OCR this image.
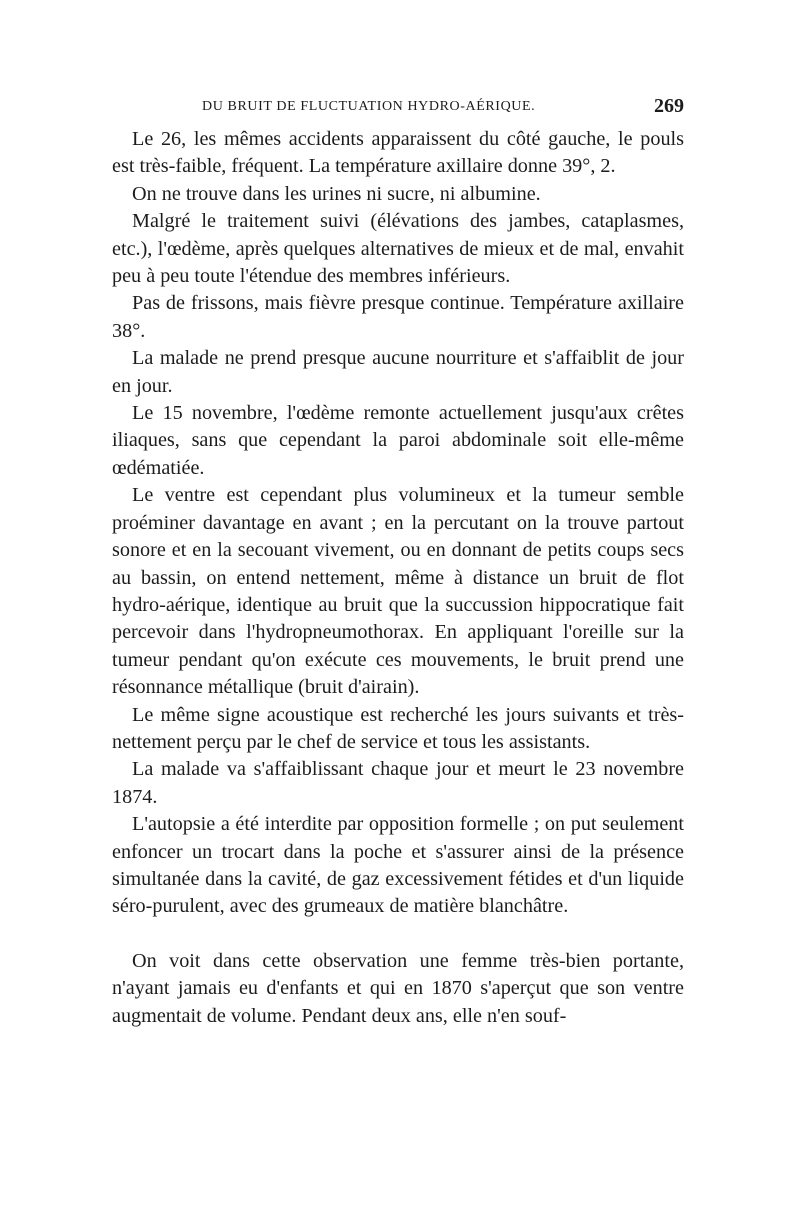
DU BRUIT DE FLUCTUATION HYDRO-AÉRIQUE.	269

Le 26, les mêmes accidents apparaissent du côté gauche, le pouls est très-faible, fréquent. La température axillaire donne 39°, 2.

On ne trouve dans les urines ni sucre, ni albumine.

Malgré le traitement suivi (élévations des jambes, cataplasmes, etc.), l'œdème, après quelques alternatives de mieux et de mal, envahit peu à peu toute l'étendue des membres inférieurs.

Pas de frissons, mais fièvre presque continue. Température axillaire 38°.

La malade ne prend presque aucune nourriture et s'affaiblit de jour en jour.

Le 15 novembre, l'œdème remonte actuellement jusqu'aux crêtes iliaques, sans que cependant la paroi abdominale soit elle-même œdématiée.

Le ventre est cependant plus volumineux et la tumeur semble proéminer davantage en avant ; en la percutant on la trouve partout sonore et en la secouant vivement, ou en donnant de petits coups secs au bassin, on entend nettement, même à distance un bruit de flot hydro-aérique, identique au bruit que la succussion hippocratique fait percevoir dans l'hydropneumothorax. En appliquant l'oreille sur la tumeur pendant qu'on exécute ces mouvements, le bruit prend une résonnance métallique (bruit d'airain).

Le même signe acoustique est recherché les jours suivants et très-nettement perçu par le chef de service et tous les assistants.

La malade va s'affaiblissant chaque jour et meurt le 23 novembre 1874.

L'autopsie a été interdite par opposition formelle ; on put seulement enfoncer un trocart dans la poche et s'assurer ainsi de la présence simultanée dans la cavité, de gaz excessivement fétides et d'un liquide séro-purulent, avec des grumeaux de matière blanchâtre.

On voit dans cette observation une femme très-bien portante, n'ayant jamais eu d'enfants et qui en 1870 s'aperçut que son ventre augmentait de volume. Pendant deux ans, elle n'en souf-
